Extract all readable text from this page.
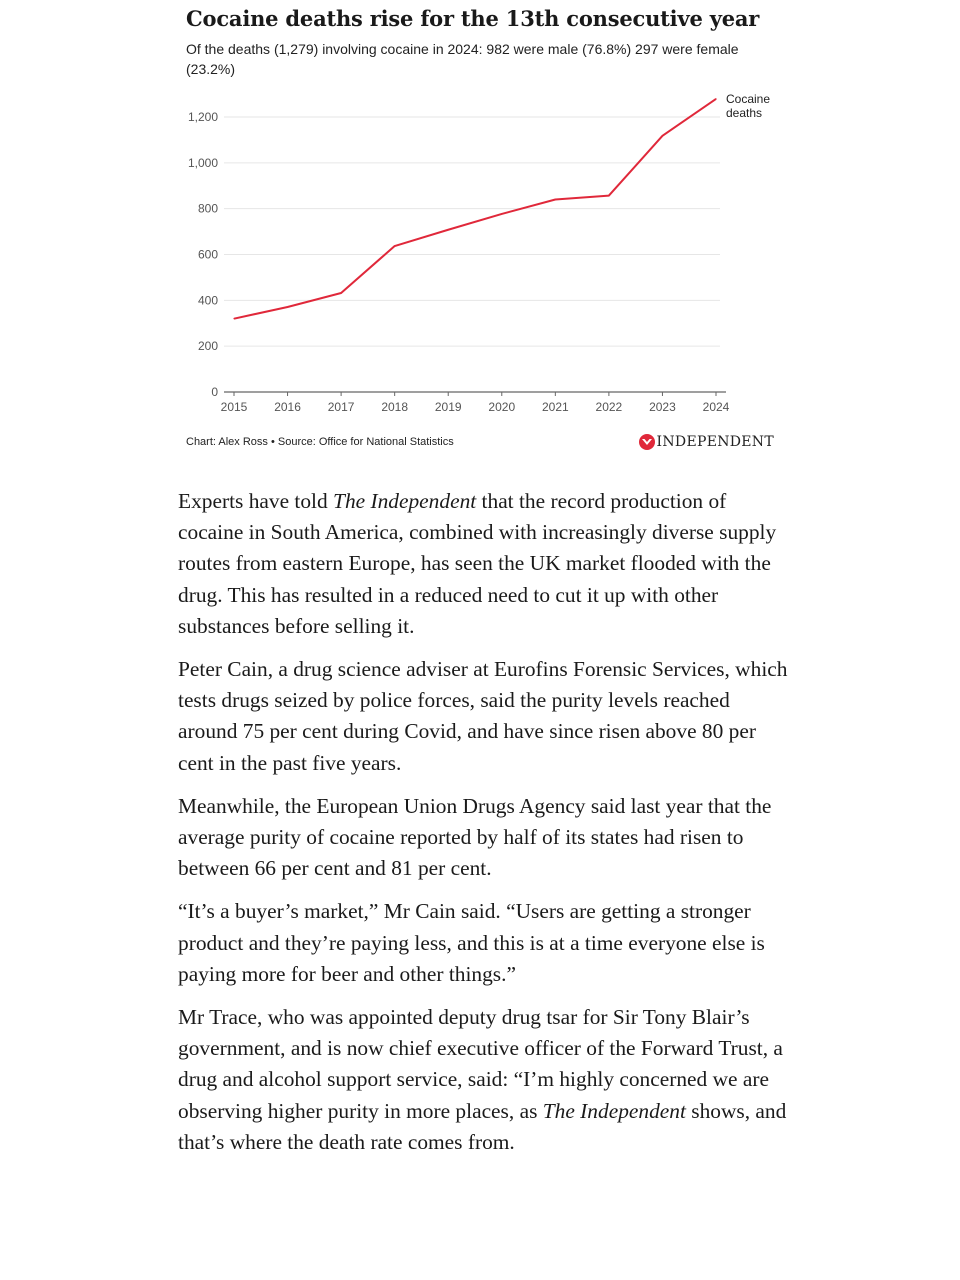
Cocaine deaths rise for the 13th consecutive year

Of the deaths (1,279) involving cocaine in 2024: 982 were male (76.8%) 297 were female (23.2%)

0
200
400
600
800
1,000
1,200
2015 2016 2017 2018 2019 2020 2021 2022 2023 2024
Cocaine
deaths
Chart: Alex Ross • Source: Office for National Statistics	INDEPENDENT

Experts have told The Independent that the record production of cocaine in South America, combined with increasingly diverse supply routes from eastern Europe, has seen the UK market flooded with the drug. This has resulted in a reduced need to cut it up with other substances before selling it.

Peter Cain, a drug science adviser at Eurofins Forensic Services, which tests drugs seized by police forces, said the purity levels reached around 75 per cent during Covid, and have since risen above 80 per cent in the past five years.

Meanwhile, the European Union Drugs Agency said last year that the average purity of cocaine reported by half of its states had risen to between 66 per cent and 81 per cent.

“It’s a buyer’s market,” Mr Cain said. “Users are getting a stronger product and they’re paying less, and this is at a time everyone else is paying more for beer and other things.”

Mr Trace, who was appointed deputy drug tsar for Sir Tony Blair’s government, and is now chief executive officer of the Forward Trust, a drug and alcohol support service, said: “I’m highly concerned we are observing higher purity in more places, as The Independent shows, and that’s where the death rate comes from.
